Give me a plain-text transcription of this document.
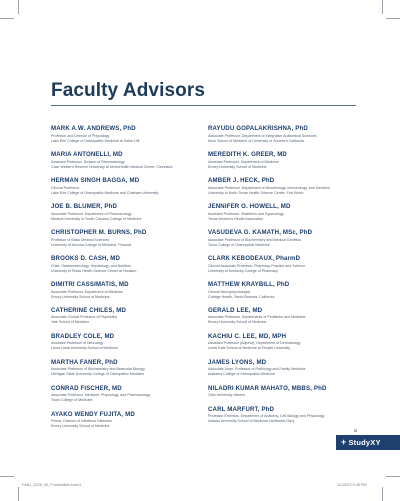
Faculty Advisors
MARK A.W. ANDREWS, PhD
Professor and Director of Physiology
Lake Erie College of Osteopathic Medicine at Seton Hill
MARIA ANTONELLI, MD
Assistant Professor, Division of Rheumatology
Case Western Reserve University at MetroHealth Medical Center, Cleveland
HERMAN SINGH BAGGA, MD
Clinical Professor
Lake Erie College of Osteopathic Medicine and Chatham University
JOE B. BLUMER, PhD
Associate Professor, Department of Pharmacology
Medical University of South Carolina College of Medicine
CHRISTOPHER M. BURNS, PhD
Professor of Basic Medical Sciences
University of Arizona College of Medicine, Phoenix
BROOKS D. CASH, MD
Chief, Gastroenterology, Hepatology, and Nutrition
University of Texas Health Science Center at Houston
DIMITRI CASSIMATIS, MD
Associate Professor, Department of Medicine
Emory University School of Medicine
CATHERINE CHILES, MD
Associate Clinical Professor of Psychiatry
Yale School of Medicine
BRADLEY COLE, MD
Assistant Professor of Neurology
Loma Linda University School of Medicine
MARTHA FANER, PhD
Associate Professor of Biochemistry and Molecular Biology
Michigan State University College of Osteopathic Medicine
CONRAD FISCHER, MD
Associate Professor, Medicine, Physiology, and Pharmacology
Touro College of Medicine
AYAKO WENDY FUJITA, MD
Fellow, Division of Infectious Diseases
Emory University School of Medicine
RAYUDU GOPALAKRISHNA, PhD
Associate Professor, Department of Integrative Anatomical Sciences
Keck School of Medicine of University of Southern California
MEREDITH K. GREER, MD
Assistant Professor, Department of Medicine
Emory University School of Medicine
AMBER J. HECK, PhD
Associate Professor, Department of Microbiology, Immunology, and Genetics
University of North Texas Health Science Center, Fort Worth
JENNIFER O. HOWELL, MD
Assistant Professor, Obstetrics and Gynecology
Texas Women's Health Associates
VASUDEVA G. KAMATH, MSc, PhD
Associate Professor of Biochemistry and Medical Genetics
Touro College of Osteopathic Medicine
CLARK KEBODEAUX, PharmD
Clinical Associate Professor, Pharmacy Practice and Science
University of Kentucky College of Pharmacy
MATTHEW KRAYBILL, PhD
Clinical Neuropsychologist
Cottage Health, Santa Barbara, California
GERALD LEE, MD
Associate Professor, Departments of Pediatrics and Medicine
Emory University School of Medicine
KACHIU C. LEE, MD, MPH
Assistant Professor (Adjunct), Department of Dermatology
Lewis Katz School of Medicine at Temple University
JAMES LYONS, MD
Associate Dean, Professor of Pathology and Family Medicine
Alabama College of Osteopathic Medicine
NILADRI KUMAR MAHATO, MBBS, PhD
Ohio University, Athens
CARL MARFURT, PhD
Professor Emeritus, Department of Anatomy, Cell Biology and Physiology
Indiana University School of Medicine-Northwest-Gary
ix
+ StudyXY
FAB1_2025_00_Frontmatter.indd 9	11/19/23 5:36 PM
